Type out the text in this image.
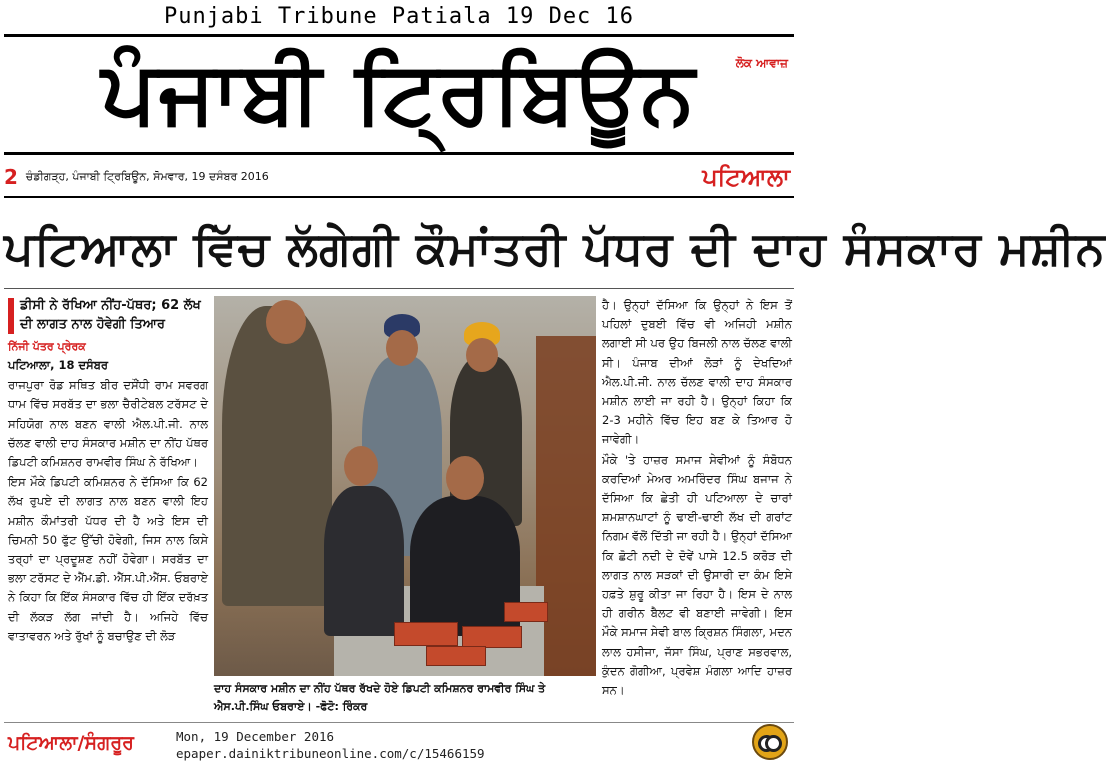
Punjabi Tribune Patiala 19 Dec 16
ਪੰਜਾਬੀ ਟ੍ਰਿਬਿਊਨ	ਲੋਕ ਆਵਾਜ਼
2 ਚੰਡੀਗੜ੍ਹ, ਪੰਜਾਬੀ ਟ੍ਰਿਬਿਊਨ, ਸੋਮਵਾਰ, 19 ਦਸੰਬਰ 2016	ਪਟਿਆਲਾ
ਪਟਿਆਲਾ ਵਿੱਚ ਲੱਗੇਗੀ ਕੌਮਾਂਤਰੀ ਪੱਧਰ ਦੀ ਦਾਹ ਸੰਸਕਾਰ ਮਸ਼ੀਨ
ਡੀਸੀ ਨੇ ਰੱਖਿਆ ਨੀਂਹ-ਪੱਥਰ; 62 ਲੱਖ ਦੀ ਲਾਗਤ ਨਾਲ ਹੋਵੇਗੀ ਤਿਆਰ
ਨਿੱਜੀ ਪੱਤਰ ਪ੍ਰੇਰਕ

ਪਟਿਆਲਾ, 18 ਦਸੰਬਰ

ਰਾਜਪੁਰਾ ਰੋਡ ਸਥਿਤ ਬੀਰ ਦਸੌਂਧੀ ਰਾਮ ਸਵਰਗ ਧਾਮ ਵਿੱਚ ਸਰਬੱਤ ਦਾ ਭਲਾ ਚੈਰੀਟੇਬਲ ਟਰੱਸਟ ਦੇ ਸਹਿਯੋਗ ਨਾਲ ਬਣਨ ਵਾਲੀ ਐਲ.ਪੀ.ਜੀ. ਨਾਲ ਚੱਲਣ ਵਾਲੀ ਦਾਹ ਸੰਸਕਾਰ ਮਸ਼ੀਨ ਦਾ ਨੀਂਹ ਪੱਥਰ ਡਿਪਟੀ ਕਮਿਸ਼ਨਰ ਰਾਮਵੀਰ ਸਿੰਘ ਨੇ ਰੱਖਿਆ।

ਇਸ ਮੌਕੇ ਡਿਪਟੀ ਕਮਿਸ਼ਨਰ ਨੇ ਦੱਸਿਆ ਕਿ 62 ਲੱਖ ਰੁਪਏ ਦੀ ਲਾਗਤ ਨਾਲ ਬਣਨ ਵਾਲੀ ਇਹ ਮਸ਼ੀਨ ਕੌਮਾਂਤਰੀ ਪੱਧਰ ਦੀ ਹੈ ਅਤੇ ਇਸ ਦੀ ਚਿਮਨੀ 50 ਫੁੱਟ ਉੱਚੀ ਹੋਵੇਗੀ, ਜਿਸ ਨਾਲ ਕਿਸੇ ਤਰ੍ਹਾਂ ਦਾ ਪ੍ਰਦੂਸ਼ਣ ਨਹੀਂ ਹੋਵੇਗਾ। ਸਰਬੱਤ ਦਾ ਭਲਾ ਟਰੱਸਟ ਦੇ ਐੱਮ.ਡੀ. ਐੱਸ.ਪੀ.ਐੱਸ. ਓਬਰਾਏ ਨੇ ਕਿਹਾ ਕਿ ਇੱਕ ਸੰਸਕਾਰ ਵਿੱਚ ਹੀ ਇੱਕ ਦਰੱਖ਼ਤ ਦੀ ਲੱਕੜ ਲੱਗ ਜਾਂਦੀ ਹੈ। ਅਜਿਹੇ ਵਿੱਚ ਵਾਤਾਵਰਨ ਅਤੇ ਰੁੱਖਾਂ ਨੂੰ ਬਚਾਉਣ ਦੀ ਲੋੜ

ਦਾਹ ਸੰਸਕਾਰ ਮਸ਼ੀਨ ਦਾ ਨੀਂਹ ਪੱਥਰ ਰੱਖਦੇ ਹੋਏ ਡਿਪਟੀ ਕਮਿਸ਼ਨਰ ਰਾਮਵੀਰ ਸਿੰਘ ਤੇ ਐਸ.ਪੀ.ਸਿੰਘ ਓਬਰਾਏ। -ਫੋਟੋ: ਰਿੰਕਰ

ਹੈ। ਉਨ੍ਹਾਂ ਦੱਸਿਆ ਕਿ ਉਨ੍ਹਾਂ ਨੇ ਇਸ ਤੋਂ ਪਹਿਲਾਂ ਦੁਬਈ ਵਿੱਚ ਵੀ ਅਜਿਹੀ ਮਸ਼ੀਨ ਲਗਾਈ ਸੀ ਪਰ ਉਹ ਬਿਜਲੀ ਨਾਲ ਚੱਲਣ ਵਾਲੀ ਸੀ। ਪੰਜਾਬ ਦੀਆਂ ਲੋੜਾਂ ਨੂੰ ਦੇਖਦਿਆਂ ਐਲ.ਪੀ.ਜੀ. ਨਾਲ ਚੱਲਣ ਵਾਲੀ ਦਾਹ ਸੰਸਕਾਰ ਮਸ਼ੀਨ ਲਾਈ ਜਾ ਰਹੀ ਹੈ। ਉਨ੍ਹਾਂ ਕਿਹਾ ਕਿ 2-3 ਮਹੀਨੇ ਵਿੱਚ ਇਹ ਬਣ ਕੇ ਤਿਆਰ ਹੋ ਜਾਵੇਗੀ।

ਮੌਕੇ 'ਤੇ ਹਾਜ਼ਰ ਸਮਾਜ ਸੇਵੀਆਂ ਨੂੰ ਸੰਬੋਧਨ ਕਰਦਿਆਂ ਮੇਅਰ ਅਮਰਿੰਦਰ ਸਿੰਘ ਬਜਾਜ ਨੇ ਦੱਸਿਆ ਕਿ ਛੇਤੀ ਹੀ ਪਟਿਆਲਾ ਦੇ ਚਾਰਾਂ ਸ਼ਮਸ਼ਾਨਘਾਟਾਂ ਨੂੰ ਢਾਈ-ਢਾਈ ਲੱਖ ਦੀ ਗਰਾਂਟ ਨਿਗਮ ਵੱਲੋਂ ਦਿੱਤੀ ਜਾ ਰਹੀ ਹੈ। ਉਨ੍ਹਾਂ ਦੱਸਿਆ ਕਿ ਛੋਟੀ ਨਦੀ ਦੇ ਦੋਵੇਂ ਪਾਸੇ 12.5 ਕਰੋੜ ਦੀ ਲਾਗਤ ਨਾਲ ਸੜਕਾਂ ਦੀ ਉਸਾਰੀ ਦਾ ਕੰਮ ਇਸੇ ਹਫ਼ਤੇ ਸ਼ੁਰੂ ਕੀਤਾ ਜਾ ਰਿਹਾ ਹੈ। ਇਸ ਦੇ ਨਾਲ ਹੀ ਗਰੀਨ ਬੈਲਟ ਵੀ ਬਣਾਈ ਜਾਵੇਗੀ। ਇਸ ਮੌਕੇ ਸਮਾਜ ਸੇਵੀ ਬਾਲ ਕ੍ਰਿਸ਼ਨ ਸਿੰਗਲਾ, ਮਦਨ ਲਾਲ ਹਸੀਜਾ, ਜੱਸਾ ਸਿੰਘ, ਪ੍ਰਾਣ ਸਭਰਵਾਲ, ਕੁੰਦਨ ਗੋਗੀਆ, ਪ੍ਰਵੇਸ਼ ਮੰਗਲਾ ਆਦਿ ਹਾਜ਼ਰ ਸਨ।

ਪਟਿਆਲਾ/ਸੰਗਰੂਰ	Mon, 19 December 2016
epaper.dainiktribuneonline.com/c/15466159
